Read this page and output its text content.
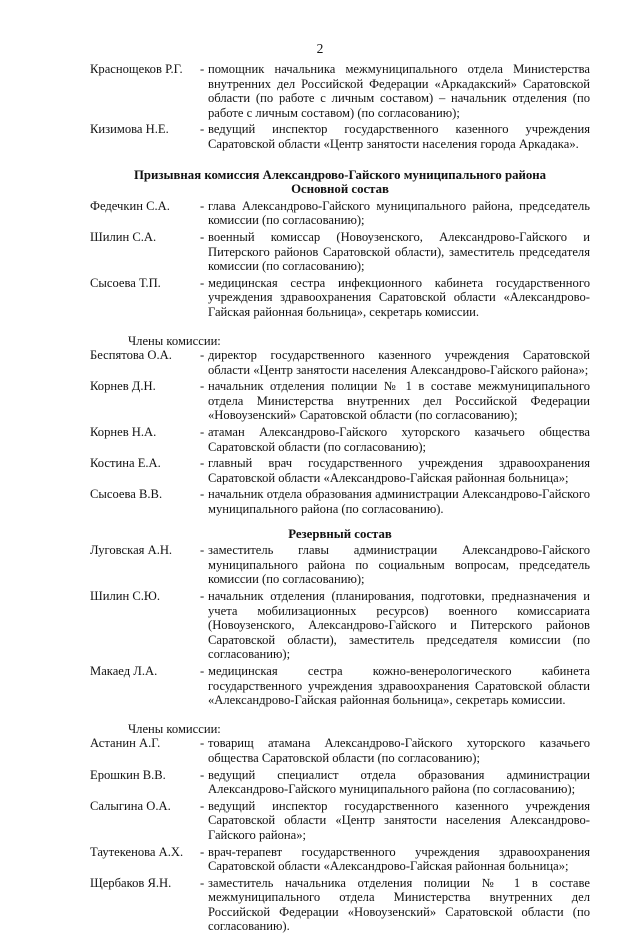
2
Краснощеков Р.Г.	- помощник начальника межмуниципального отдела Министерства внутренних дел Российской Федерации «Аркадакский» Саратовской области (по работе с личным составом) – начальник отделения (по работе с личным составом) (по согласованию);
Кизимова Н.Е.	- ведущий инспектор государственного казенного учреждения Саратовской области «Центр занятости населения города Аркадака».
Призывная комиссия Александрово-Гайского муниципального района
Основной состав
Федечкин С.А.	- глава Александрово-Гайского муниципального района, председатель комиссии (по согласованию);
Шилин С.А.	- военный комиссар (Новоузенского, Александрово-Гайского и Питерского районов Саратовской области), заместитель председателя комиссии (по согласованию);
Сысоева Т.П.	- медицинская сестра инфекционного кабинета государственного учреждения здравоохранения Саратовской области «Александрово-Гайская районная больница», секретарь комиссии.
Члены комиссии:
Беспятова О.А.	- директор государственного казенного учреждения Саратовской области «Центр занятости населения Александрово-Гайского района»;
Корнев Д.Н.	- начальник отделения полиции № 1 в составе межмуниципального отдела Министерства внутренних дел Российской Федерации «Новоузенский» Саратовской области (по согласованию);
Корнев Н.А.	- атаман Александрово-Гайского хуторского казачьего общества Саратовской области (по согласованию);
Костина Е.А.	- главный врач государственного учреждения здравоохранения Саратовской области «Александрово-Гайская районная больница»;
Сысоева В.В.	- начальник отдела образования администрации Александрово-Гайского муниципального района (по согласованию).
Резервный состав
Луговская А.Н.	- заместитель главы администрации Александрово-Гайского муниципального района по социальным вопросам, председатель комиссии (по согласованию);
Шилин С.Ю.	- начальник отделения (планирования, подготовки, предназначения и учета мобилизационных ресурсов) военного комиссариата (Новоузенского, Александрово-Гайского и Питерского районов Саратовской области), заместитель председателя комиссии (по согласованию);
Макаед Л.А.	- медицинская сестра кожно-венерологического кабинета государственного учреждения здравоохранения Саратовской области «Александрово-Гайская районная больница», секретарь комиссии.
Члены комиссии:
Астанин А.Г.	- товарищ атамана Александрово-Гайского хуторского казачьего общества Саратовской области (по согласованию);
Ерошкин В.В.	- ведущий специалист отдела образования администрации Александрово-Гайского муниципального района (по согласованию);
Салыгина О.А.	- ведущий инспектор государственного казенного учреждения Саратовской области «Центр занятости населения Александрово-Гайского района»;
Таутекенова А.Х.	- врач-терапевт государственного учреждения здравоохранения Саратовской области «Александрово-Гайская районная больница»;
Щербаков Я.Н.	- заместитель начальника отделения полиции № 1 в составе межмуниципального отдела Министерства внутренних дел Российской Федерации «Новоузенский» Саратовской области (по согласованию).
